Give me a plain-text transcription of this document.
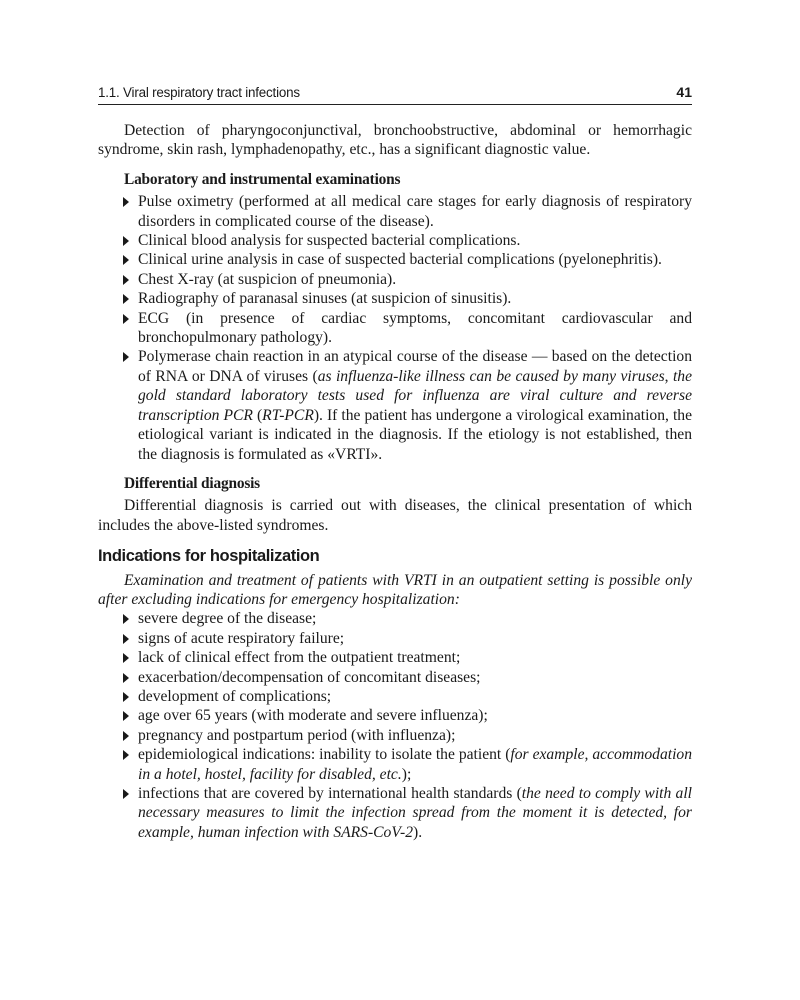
1.1. Viral respiratory tract infections	41

Detection of pharyngoconjunctival, bronchoobstructive, abdominal or hemorrhagic syndrome, skin rash, lymphadenopathy, etc., has a significant diagnostic value.

Laboratory and instrumental examinations
Pulse oximetry (performed at all medical care stages for early diagnosis of respiratory disorders in complicated course of the disease).
Clinical blood analysis for suspected bacterial complications.
Clinical urine analysis in case of suspected bacterial complications (pyelonephritis).
Chest X-ray (at suspicion of pneumonia).
Radiography of paranasal sinuses (at suspicion of sinusitis).
ECG (in presence of cardiac symptoms, concomitant cardiovascular and bronchopulmonary pathology).
Polymerase chain reaction in an atypical course of the disease — based on the detection of RNA or DNA of viruses (as influenza-like illness can be caused by many viruses, the gold standard laboratory tests used for influenza are viral culture and reverse transcription PCR (RT-PCR). If the patient has undergone a virological examination, the etiological variant is indicated in the diagnosis. If the etiology is not established, then the diagnosis is formulated as «VRTI».
Differential diagnosis

Differential diagnosis is carried out with diseases, the clinical presentation of which includes the above-listed syndromes.

Indications for hospitalization

Examination and treatment of patients with VRTI in an outpatient setting is possible only after excluding indications for emergency hospitalization:

severe degree of the disease;
signs of acute respiratory failure;
lack of clinical effect from the outpatient treatment;
exacerbation/decompensation of concomitant diseases;
development of complications;
age over 65 years (with moderate and severe influenza);
pregnancy and postpartum period (with influenza);
epidemiological indications: inability to isolate the patient (for example, accommodation in a hotel, hostel, facility for disabled, etc.);
infections that are covered by international health standards (the need to comply with all necessary measures to limit the infection spread from the moment it is detected, for example, human infection with SARS-CoV-2).
